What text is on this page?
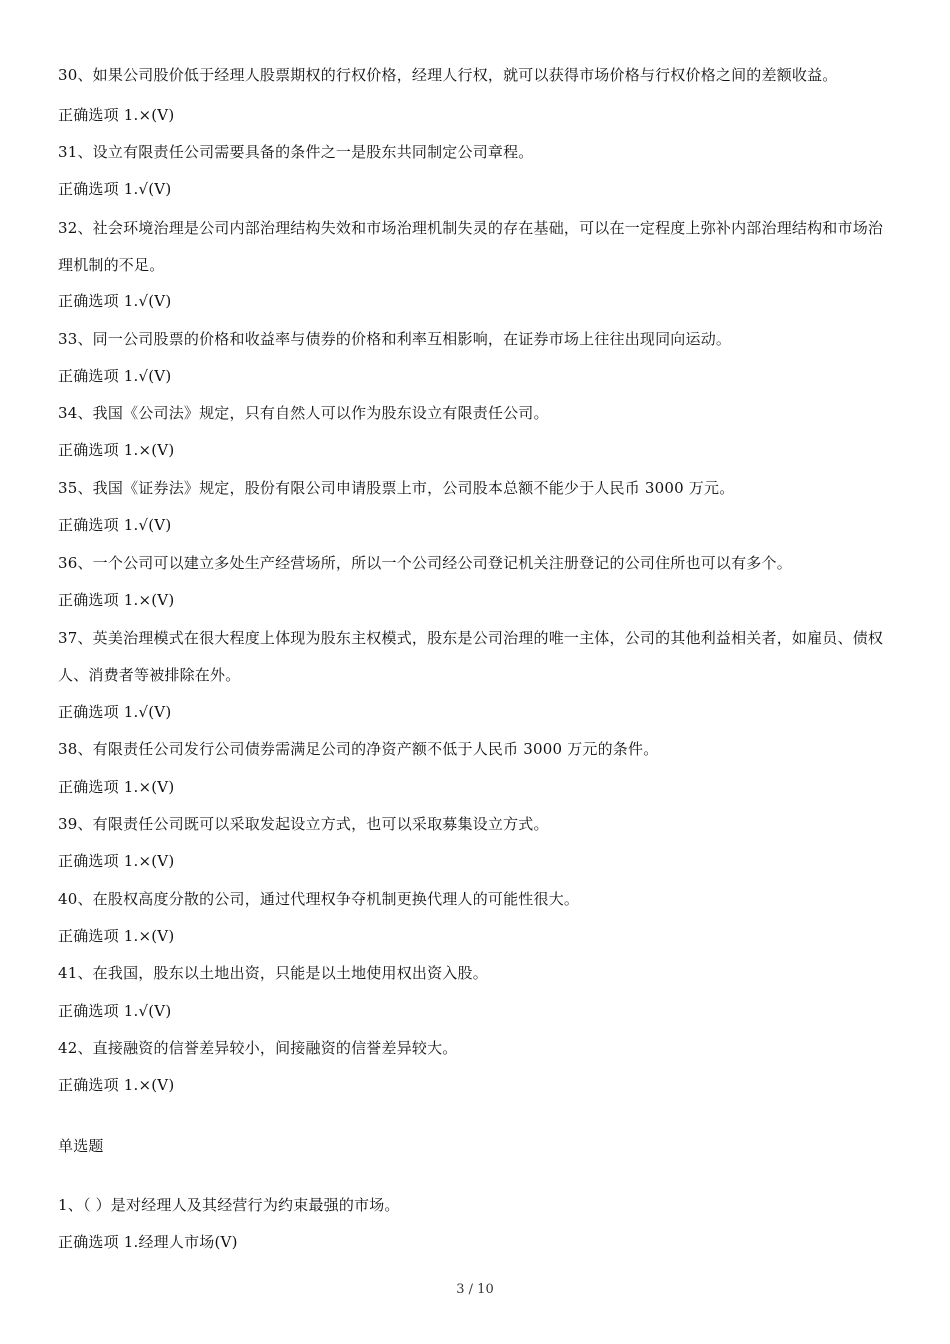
30、如果公司股价低于经理人股票期权的行权价格，经理人行权，就可以获得市场价格与行权价格之间的差额收益。
正确选项 1.×(V)
31、设立有限责任公司需要具备的条件之一是股东共同制定公司章程。
正确选项 1.√(V)
32、社会环境治理是公司内部治理结构失效和市场治理机制失灵的存在基础，可以在一定程度上弥补内部治理结构和市场治理机制的不足。
正确选项 1.√(V)
33、同一公司股票的价格和收益率与债券的价格和利率互相影响，在证券市场上往往出现同向运动。
正确选项 1.√(V)
34、我国《公司法》规定，只有自然人可以作为股东设立有限责任公司。
正确选项 1.×(V)
35、我国《证券法》规定，股份有限公司申请股票上市，公司股本总额不能少于人民币 3000 万元。
正确选项 1.√(V)
36、一个公司可以建立多处生产经营场所，所以一个公司经公司登记机关注册登记的公司住所也可以有多个。
正确选项 1.×(V)
37、英美治理模式在很大程度上体现为股东主权模式，股东是公司治理的唯一主体，公司的其他利益相关者，如雇员、债权人、消费者等被排除在外。
正确选项 1.√(V)
38、有限责任公司发行公司债券需满足公司的净资产额不低于人民币 3000 万元的条件。
正确选项 1.×(V)
39、有限责任公司既可以采取发起设立方式，也可以采取募集设立方式。
正确选项 1.×(V)
40、在股权高度分散的公司，通过代理权争夺机制更换代理人的可能性很大。
正确选项 1.×(V)
41、在我国，股东以土地出资，只能是以土地使用权出资入股。
正确选项 1.√(V)
42、直接融资的信誉差异较小，间接融资的信誉差异较大。
正确选项 1.×(V)
单选题
1、（ ）是对经理人及其经营行为约束最强的市场。
正确选项 1.经理人市场(V)
3 / 10
